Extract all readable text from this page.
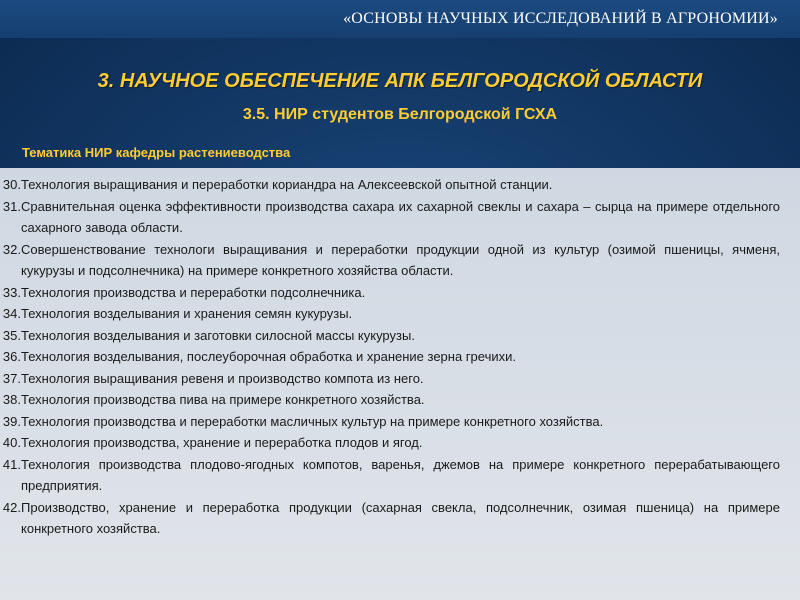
«ОСНОВЫ НАУЧНЫХ ИССЛЕДОВАНИЙ В АГРОНОМИИ»
3. НАУЧНОЕ ОБЕСПЕЧЕНИЕ АПК БЕЛГОРОДСКОЙ ОБЛАСТИ
3.5. НИР студентов Белгородской ГСХА
Тематика НИР кафедры растениеводства
30. Технология выращивания и переработки кориандра на Алексеевской опытной станции.
31. Сравнительная оценка эффективности производства сахара их сахарной свеклы и сахара – сырца на примере отдельного сахарного завода области.
32. Совершенствование технологи выращивания и переработки продукции одной из культур (озимой пшеницы, ячменя, кукурузы и подсолнечника) на примере конкретного хозяйства области.
33. Технология производства и переработки подсолнечника.
34. Технология возделывания и хранения семян кукурузы.
35. Технология возделывания и заготовки силосной массы кукурузы.
36. Технология возделывания, послеуборочная обработка и хранение зерна гречихи.
37. Технология выращивания ревеня и производство компота из него.
38. Технология производства пива на примере конкретного хозяйства.
39. Технология производства и переработки масличных культур на примере конкретного хозяйства.
40. Технология производства, хранение и переработка плодов и ягод.
41. Технология производства плодово-ягодных компотов, варенья, джемов на примере конкретного перерабатывающего предприятия.
42. Производство, хранение и переработка продукции (сахарная свекла, подсолнечник, озимая пшеница) на примере конкретного хозяйства.
